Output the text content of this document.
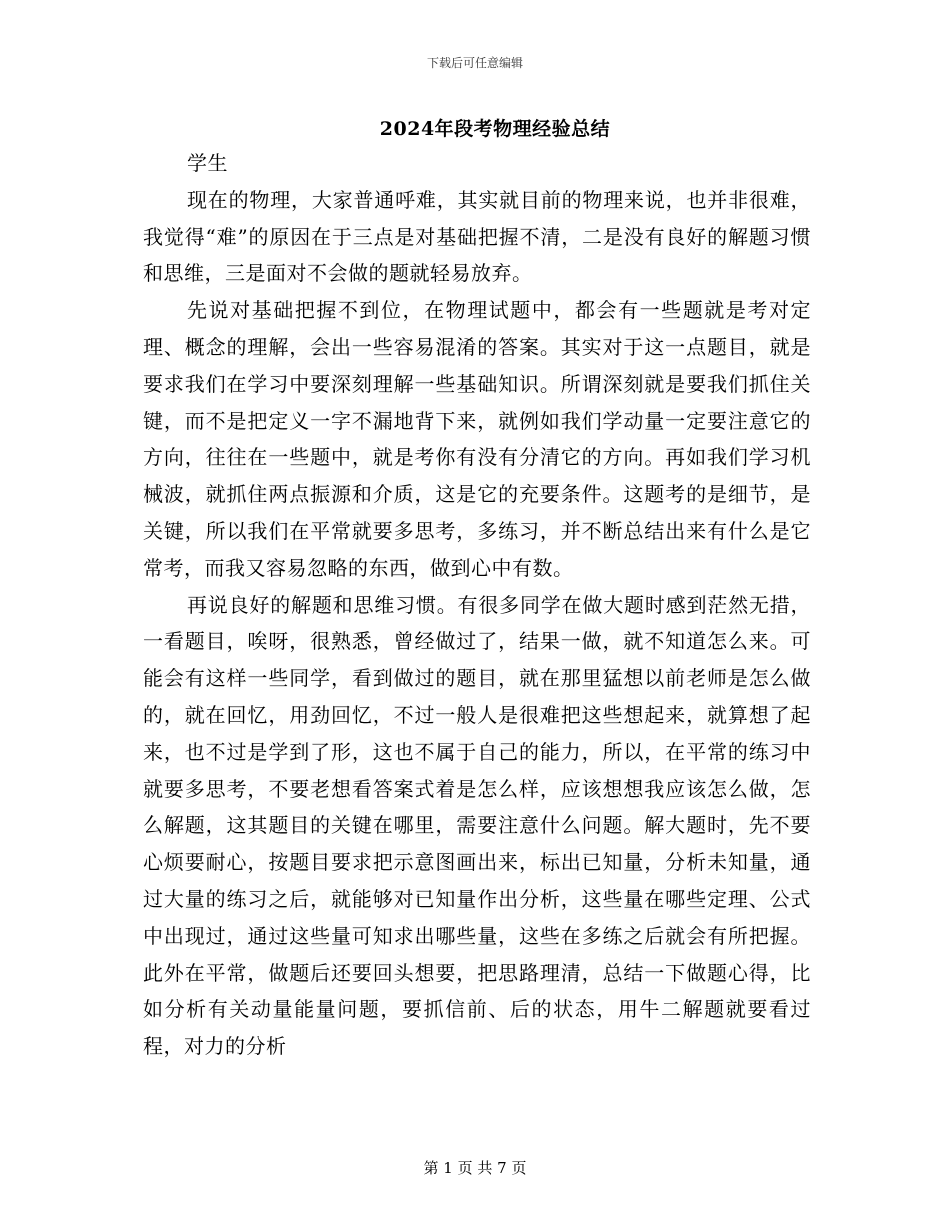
下载后可任意编辑
2024年段考物理经验总结
学生

现在的物理，大家普通呼难，其实就目前的物理来说，也并非很难，我觉得“难”的原因在于三点是对基础把握不清，二是没有良好的解题习惯和思维，三是面对不会做的题就轻易放弃。

先说对基础把握不到位，在物理试题中，都会有一些题就是考对定理、概念的理解，会出一些容易混淆的答案。其实对于这一点题目，就是要求我们在学习中要深刻理解一些基础知识。所谓深刻就是要我们抓住关键，而不是把定义一字不漏地背下来，就例如我们学动量一定要注意它的方向，往往在一些题中，就是考你有没有分清它的方向。再如我们学习机械波，就抓住两点振源和介质，这是它的充要条件。这题考的是细节，是关键，所以我们在平常就要多思考，多练习，并不断总结出来有什么是它常考，而我又容易忽略的东西，做到心中有数。

再说良好的解题和思维习惯。有很多同学在做大题时感到茫然无措，一看题目，唉呀，很熟悉，曾经做过了，结果一做，就不知道怎么来。可能会有这样一些同学，看到做过的题目，就在那里猛想以前老师是怎么做的，就在回忆，用劲回忆，不过一般人是很难把这些想起来，就算想了起来，也不过是学到了形，这也不属于自己的能力，所以，在平常的练习中就要多思考，不要老想看答案式着是怎么样，应该想想我应该怎么做，怎么解题，这其题目的关键在哪里，需要注意什么问题。解大题时，先不要心烦要耐心，按题目要求把示意图画出来，标出已知量，分析未知量，通过大量的练习之后，就能够对已知量作出分析，这些量在哪些定理、公式中出现过，通过这些量可知求出哪些量，这些在多练之后就会有所把握。此外在平常，做题后还要回头想要，把思路理清，总结一下做题心得，比如分析有关动量能量问题，要抓信前、后的状态，用牛二解题就要看过程，对力的分析

第 1 页 共 7 页
